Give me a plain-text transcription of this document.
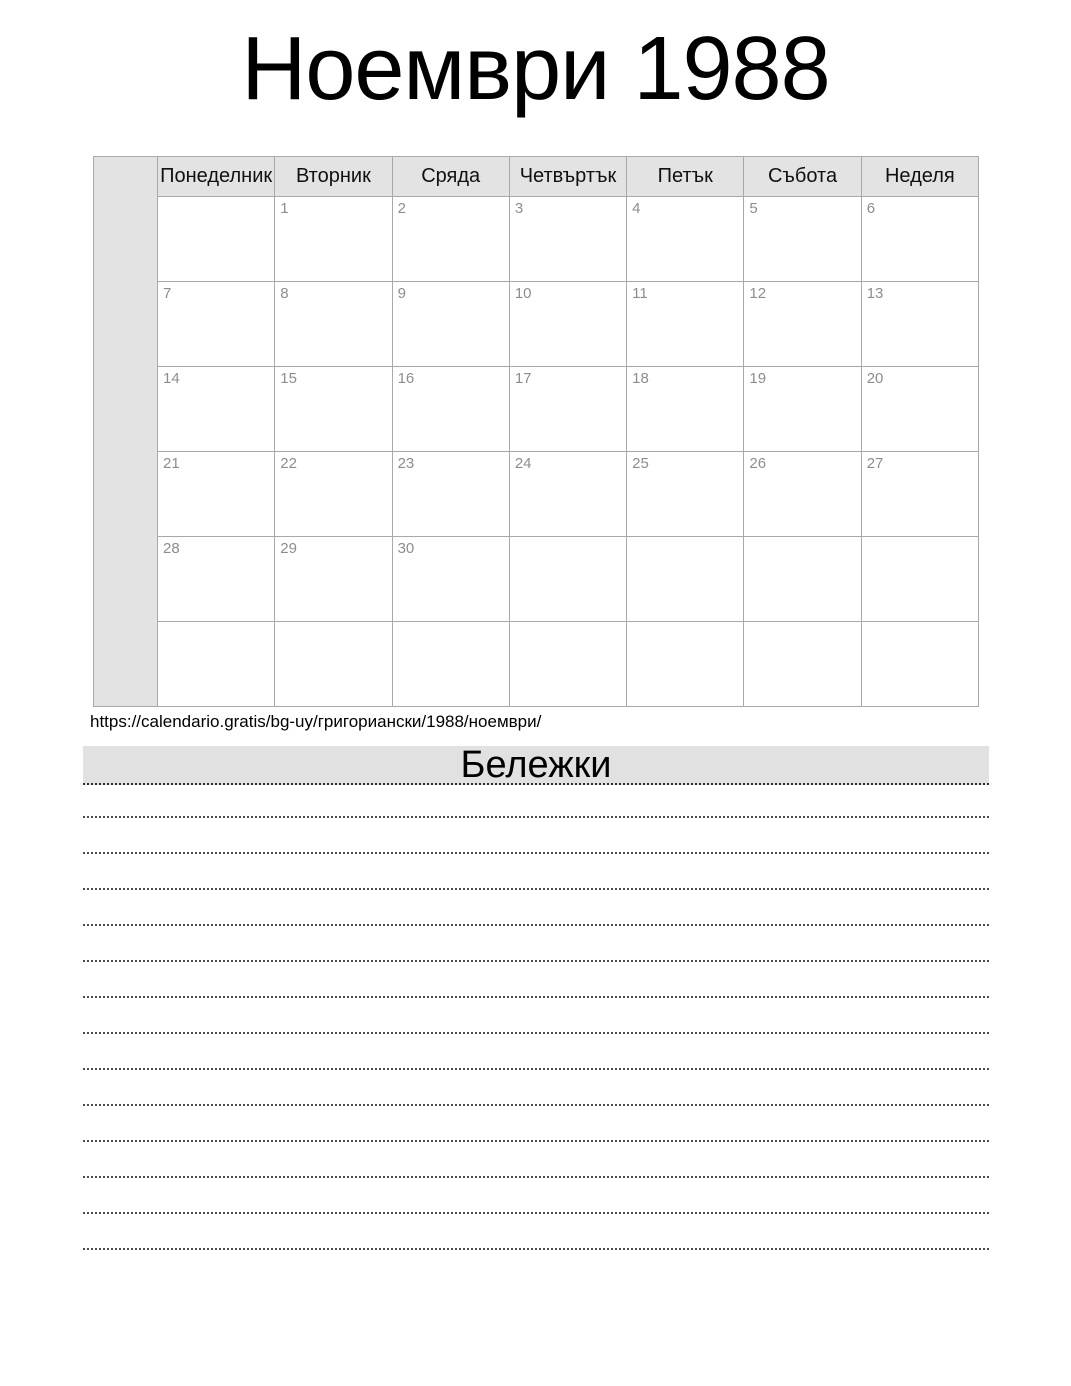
Ноември 1988
	Понеделник	Вторник	Сряда	Четвъртък	Петък	Събота	Неделя

		1	2	3	4	5	6

	7	8	9	10	11	12	13

	14	15	16	17	18	19	20

	21	22	23	24	25	26	27

	28	29	30				

https://calendario.gratis/bg-uy/григориански/1988/ноември/
Бележки
